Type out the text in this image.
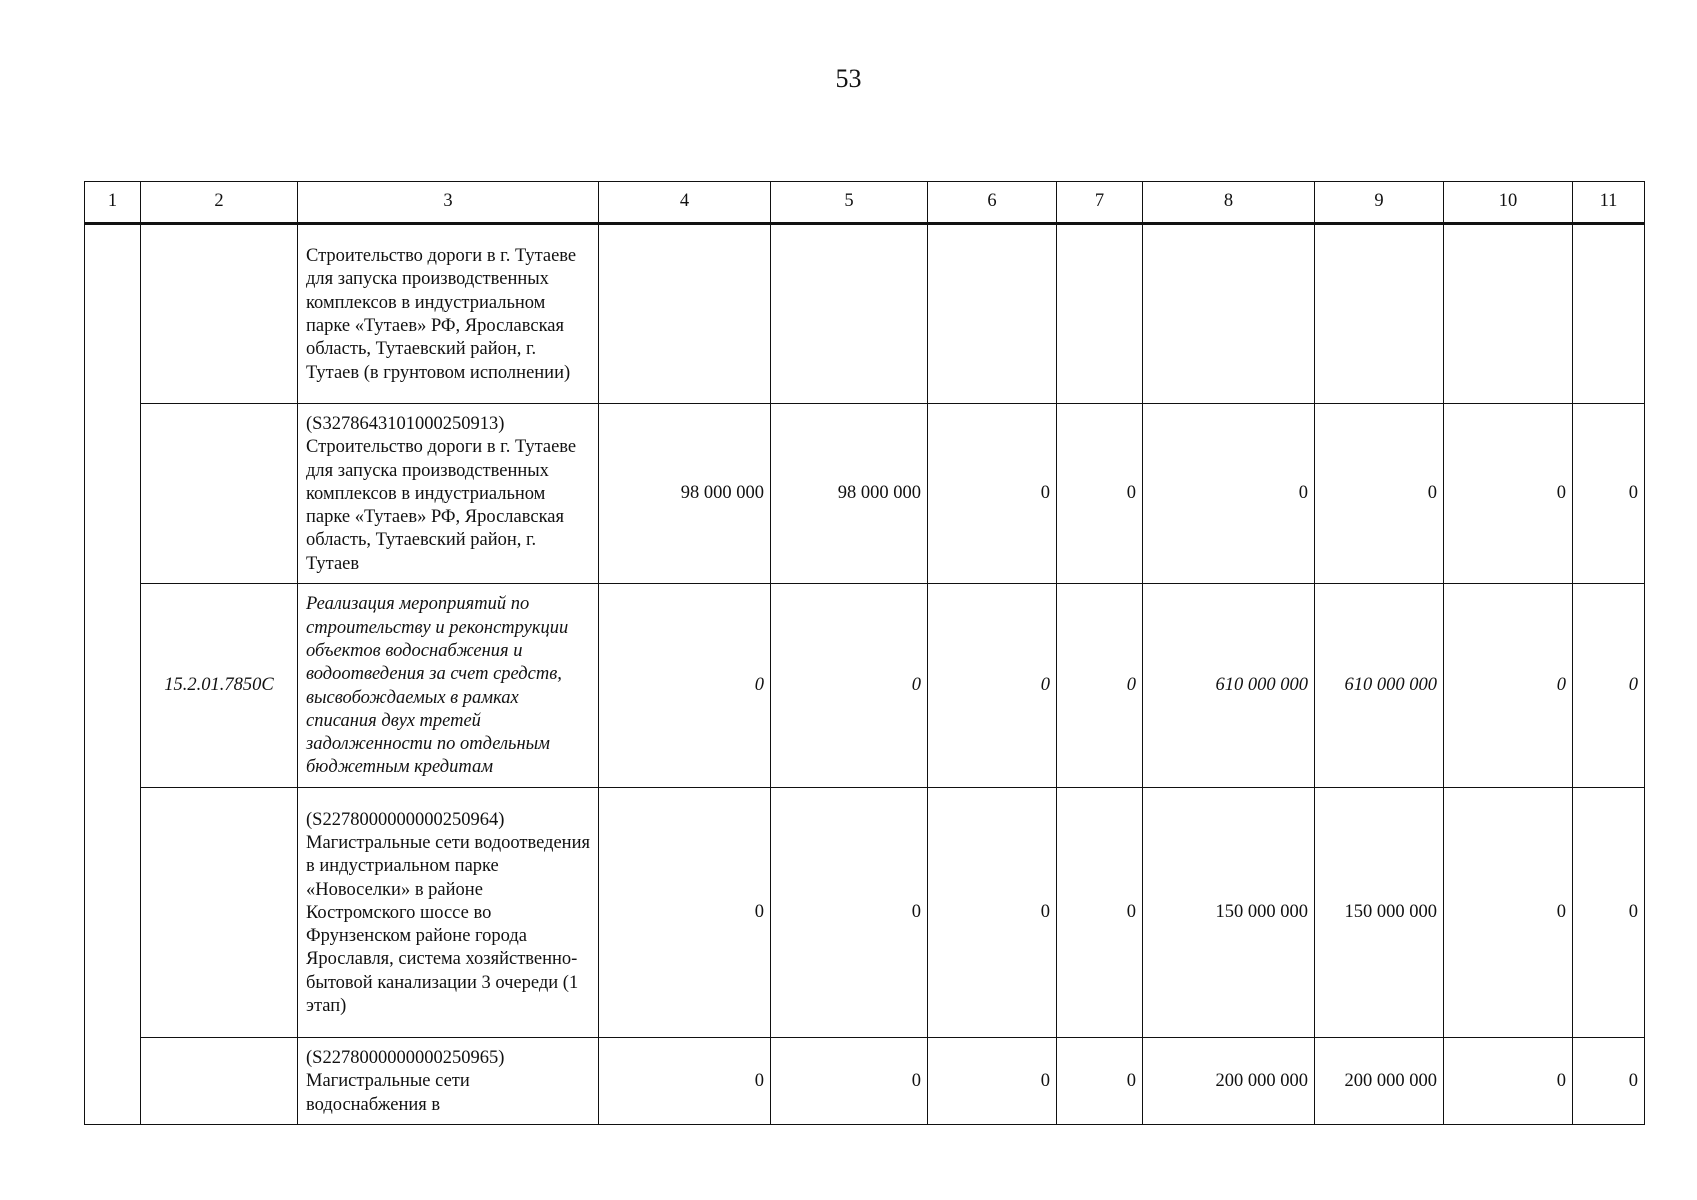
53
1	2	3	4	5	6	7	8	9	10	11
		Строительство дороги в г. Тутаеве для запуска производственных комплексов в индустриальном парке «Тутаев» РФ, Ярославская область, Тутаевский район, г. Тутаев (в грунтовом исполнении)								
		(S3278643101000250913) Строительство дороги в г. Тутаеве для запуска производственных комплексов в индустриальном парке «Тутаев» РФ, Ярославская область, Тутаевский район, г. Тутаев	98 000 000	98 000 000	0	0	0	0	0	0
	15.2.01.7850С	Реализация мероприятий по строительству и реконструкции объектов водоснабжения и водоотведения за счет средств, высвобождаемых в рамках списания двух третей задолженности по отдельным бюджетным кредитам	0	0	0	0	610 000 000	610 000 000	0	0
		(S2278000000000250964) Магистральные сети водоотведения в индустриальном парке «Новоселки» в районе Костромского шоссе во Фрунзенском районе города Ярославля, система хозяйственно-бытовой канализации 3 очереди (1 этап)	0	0	0	0	150 000 000	150 000 000	0	0
		(S2278000000000250965) Магистральные сети водоснабжения в	0	0	0	0	200 000 000	200 000 000	0	0
